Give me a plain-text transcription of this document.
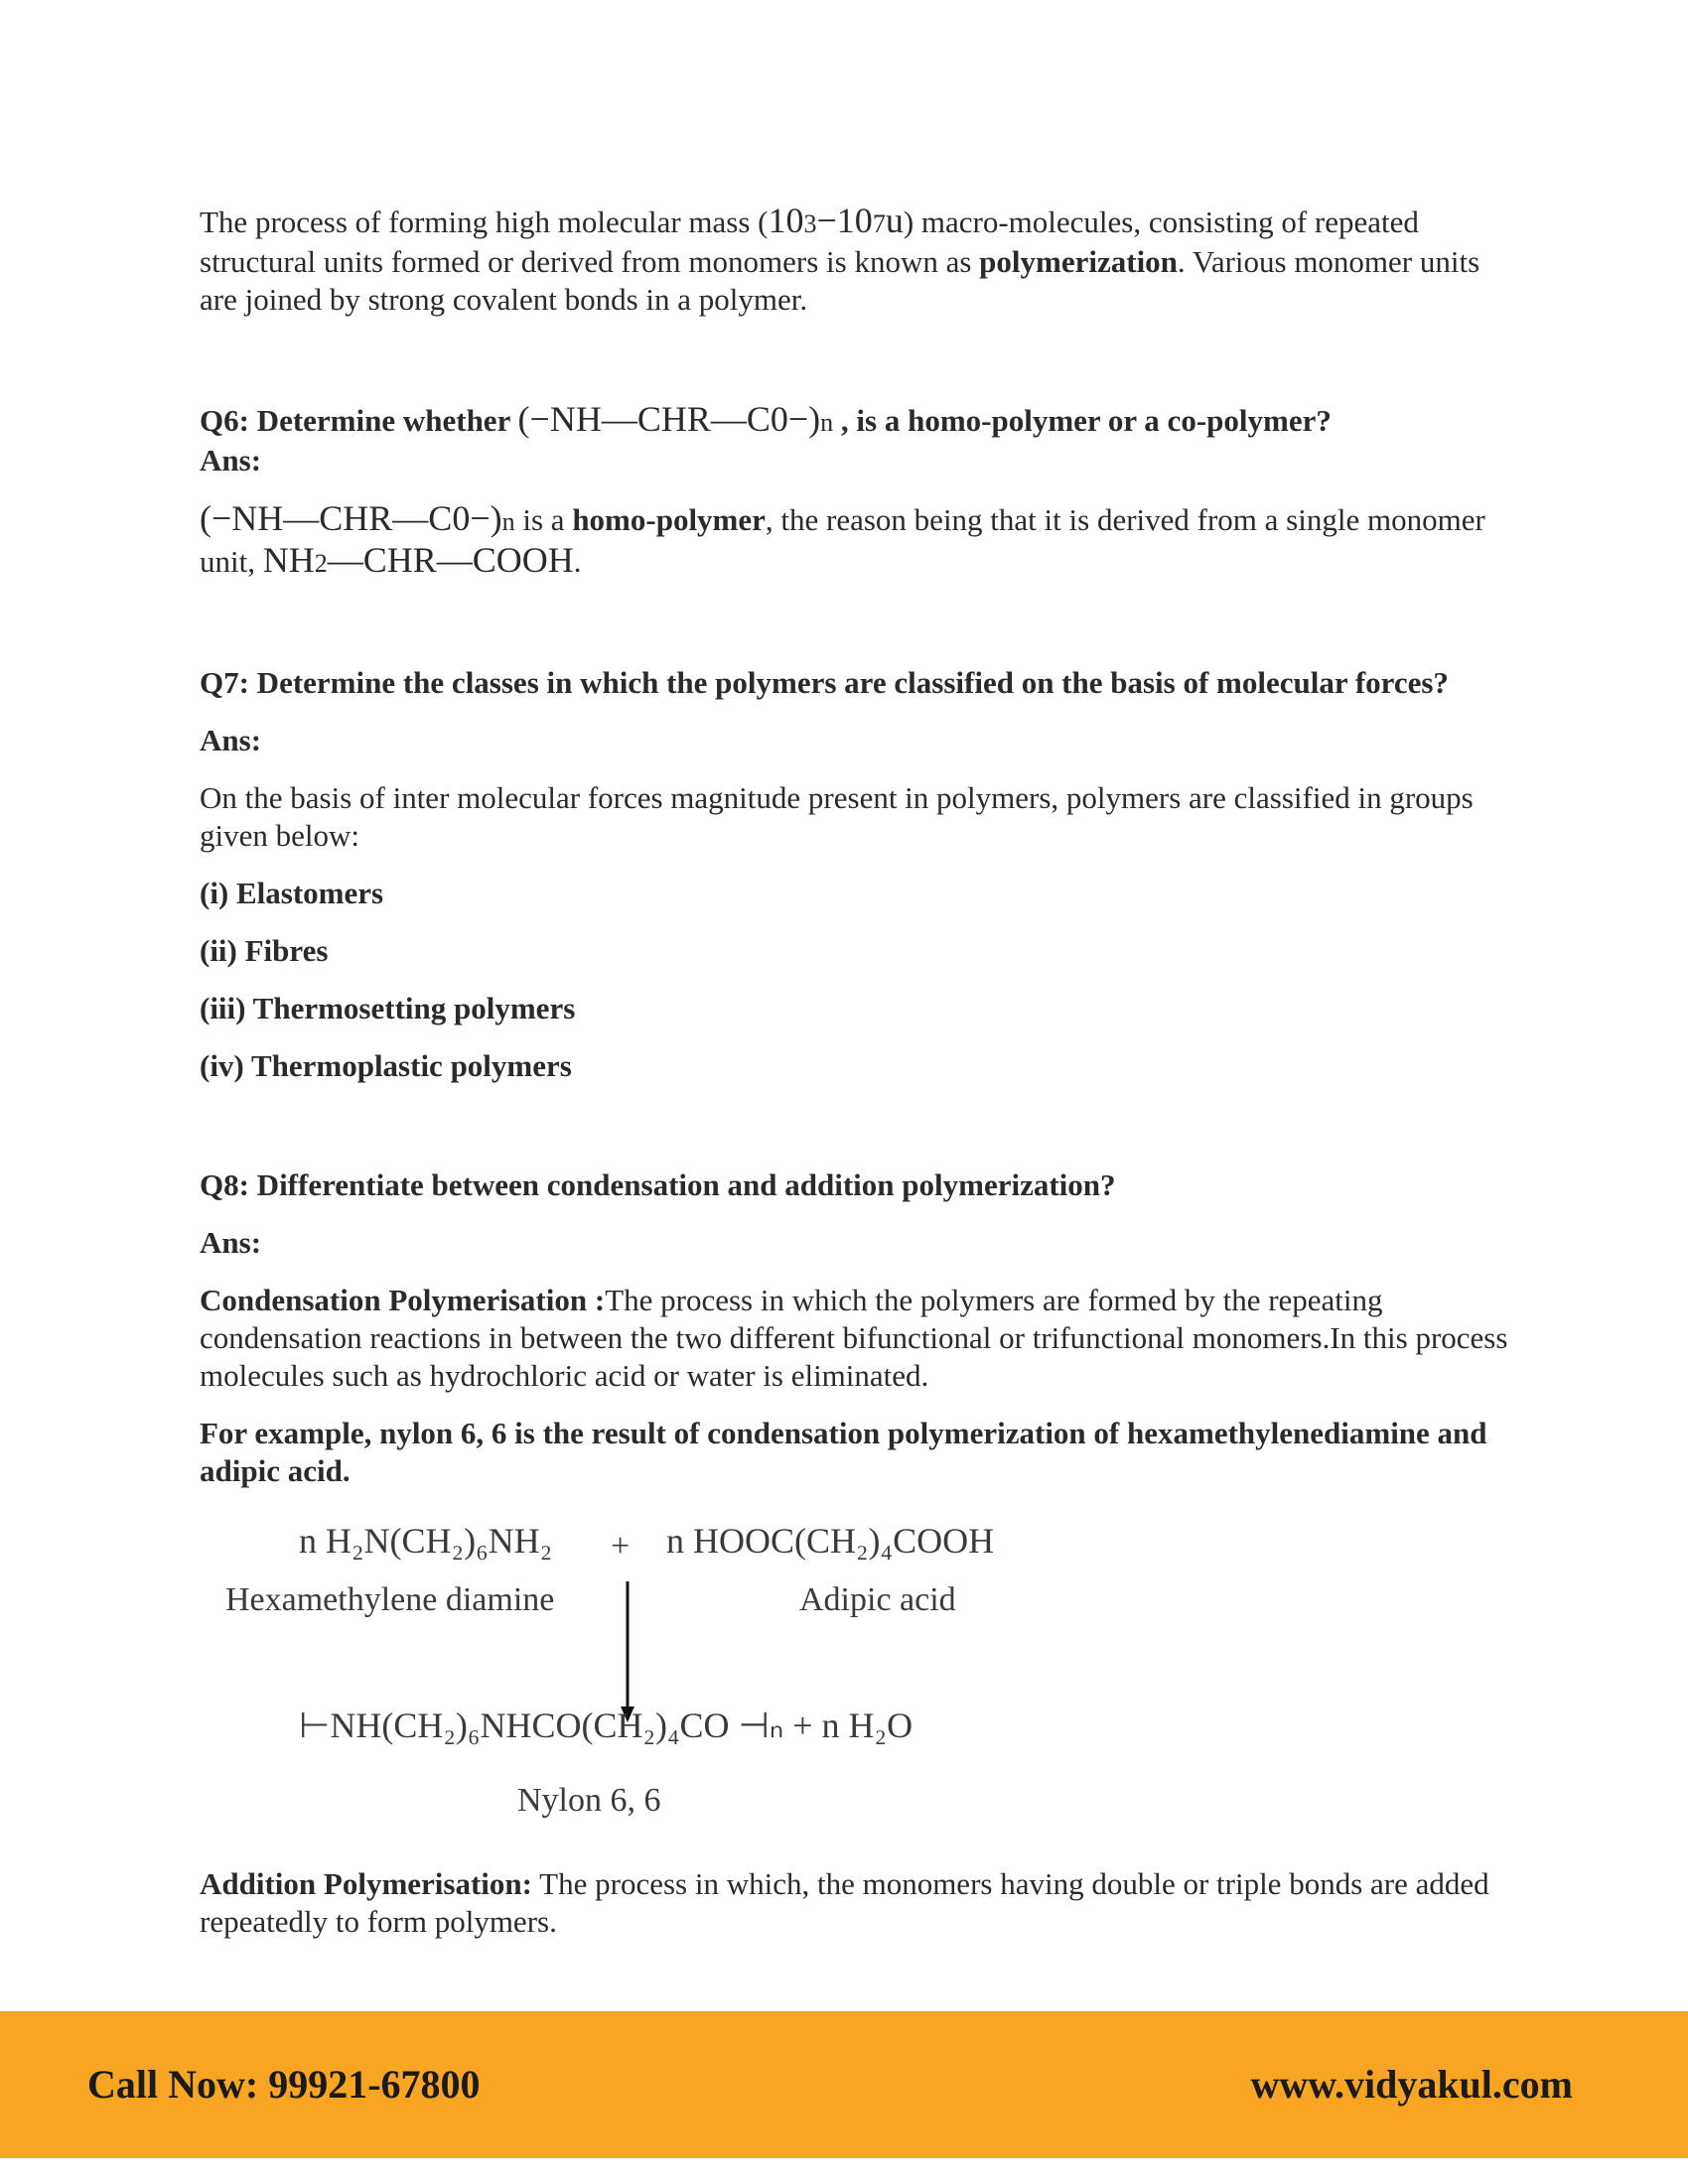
The process of forming high molecular mass (103−107u) macro-molecules, consisting of repeated structural units formed or derived from monomers is known as polymerization. Various monomer units are joined by strong covalent bonds in a polymer.

Q6: Determine whether (−NH—CHR—C0−)n , is a homo-polymer or a co-polymer?

Ans:

(−NH—CHR—C0−)n is a homo-polymer, the reason being that it is derived from a single monomer unit, NH2—CHR—COOH.

Q7: Determine the classes in which the polymers are classified on the basis of molecular forces?

Ans:

On the basis of inter molecular forces magnitude present in polymers, polymers are classified in groups given below:

(i) Elastomers

(ii) Fibres

(iii) Thermosetting polymers

(iv) Thermoplastic polymers

Q8: Differentiate between condensation and addition polymerization?

Ans:

Condensation Polymerisation :The process in which the polymers are formed by the repeating condensation reactions in between the two different bifunctional or trifunctional monomers.In this process molecules such as hydrochloric acid or water is eliminated.

For example, nylon 6, 6 is the result of condensation polymerization of hexamethylenediamine and adipic acid.

n H₂N(CH₂)₆NH₂ + n HOOC(CH₂)₄COOH
Hexamethylene diamine	Adipic acid
⊢NH(CH₂)₆NHCO(CH₂)₄CO ⊣ₙ + n H₂O
Nylon 6, 6

Addition Polymerisation: The process in which, the monomers having double or triple bonds are added repeatedly to form polymers.

Call Now: 99921-67800	www.vidyakul.com
